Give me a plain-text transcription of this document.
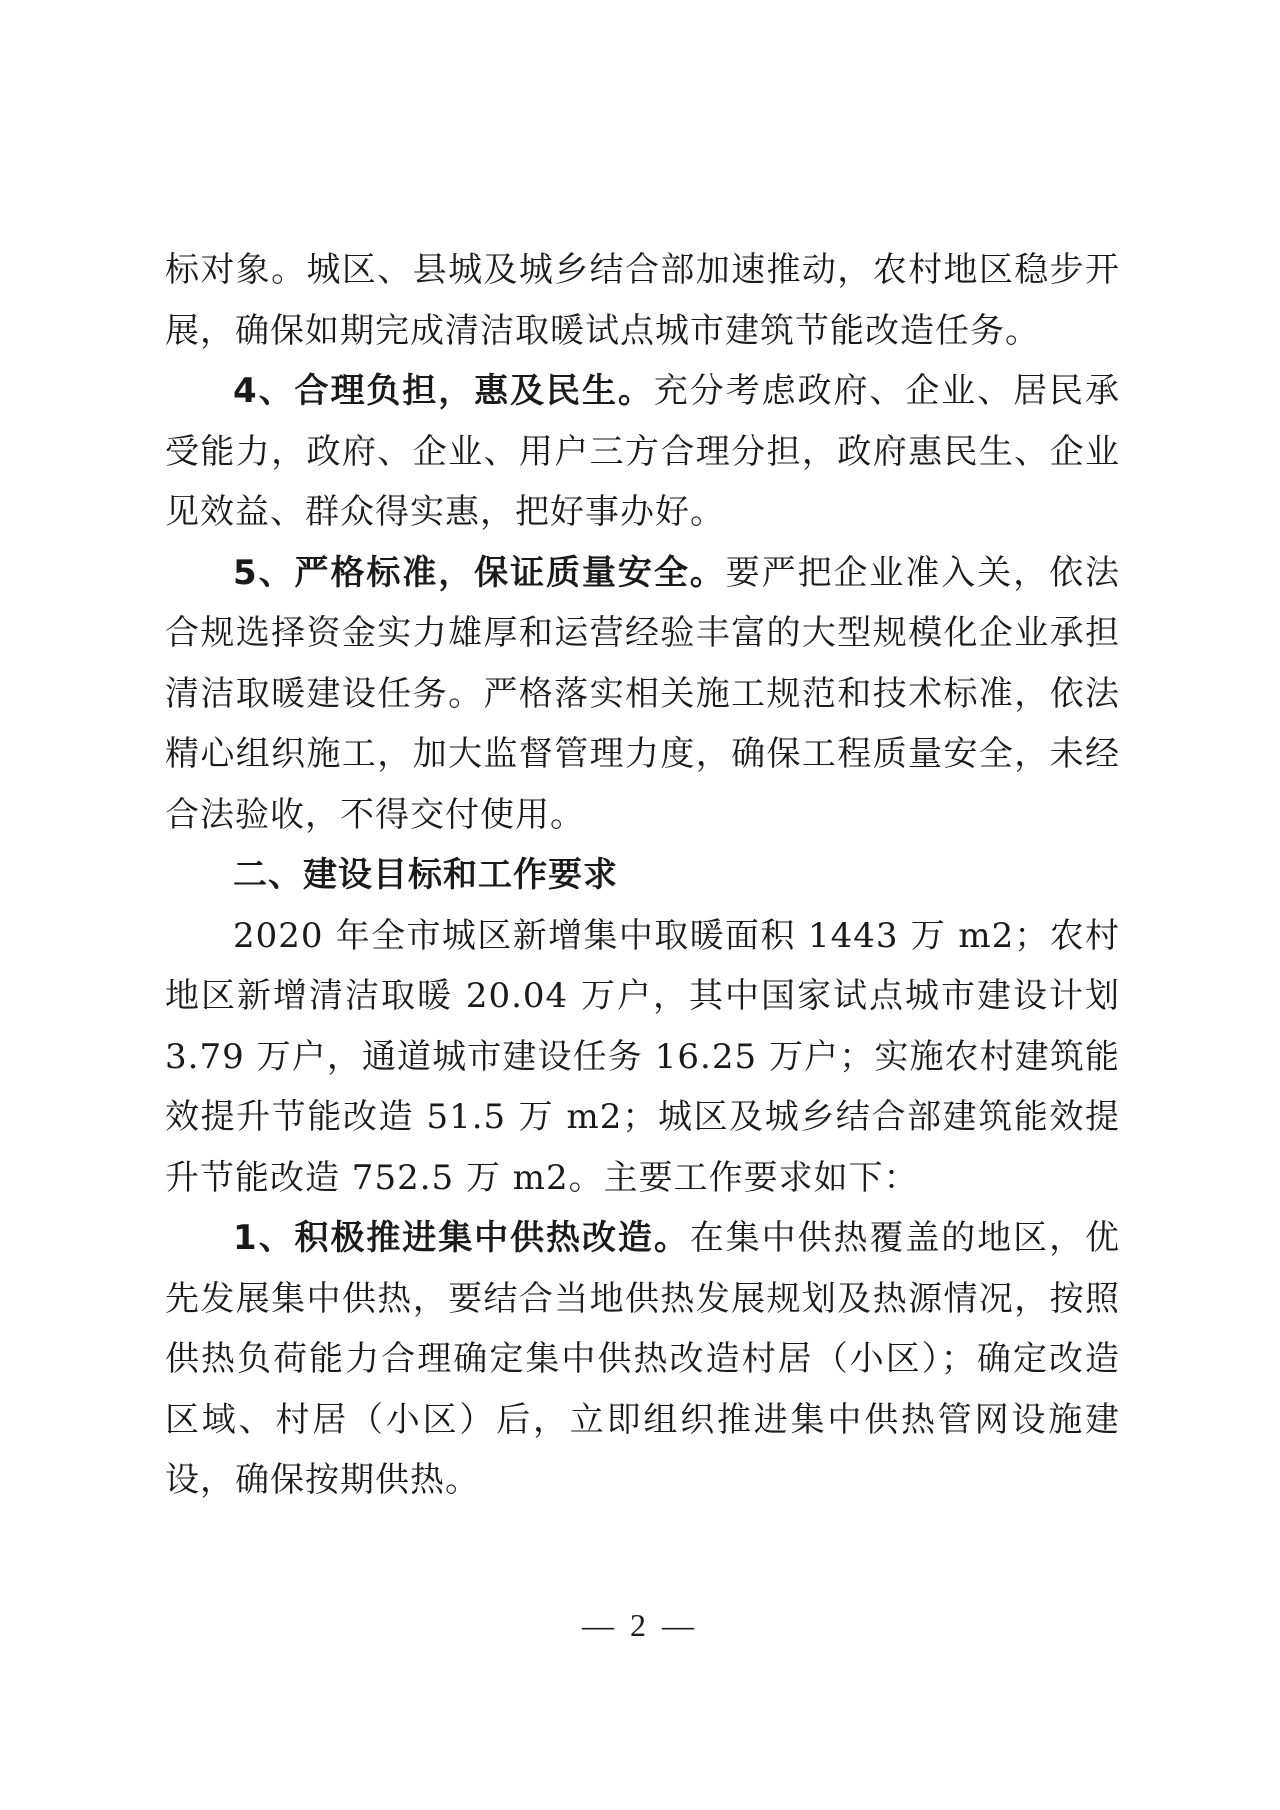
标对象。城区、县城及城乡结合部加速推动，农村地区稳步开展，确保如期完成清洁取暖试点城市建筑节能改造任务。

4、合理负担，惠及民生。充分考虑政府、企业、居民承受能力，政府、企业、用户三方合理分担，政府惠民生、企业见效益、群众得实惠，把好事办好。

5、严格标准，保证质量安全。要严把企业准入关，依法合规选择资金实力雄厚和运营经验丰富的大型规模化企业承担清洁取暖建设任务。严格落实相关施工规范和技术标准，依法精心组织施工，加大监督管理力度，确保工程质量安全，未经合法验收，不得交付使用。

二、建设目标和工作要求

2020 年全市城区新增集中取暖面积 1443 万 m2；农村地区新增清洁取暖 20.04 万户，其中国家试点城市建设计划 3.79 万户，通道城市建设任务 16.25 万户；实施农村建筑能效提升节能改造 51.5 万 m2；城区及城乡结合部建筑能效提升节能改造 752.5 万 m2。主要工作要求如下：

1、积极推进集中供热改造。在集中供热覆盖的地区，优先发展集中供热，要结合当地供热发展规划及热源情况，按照供热负荷能力合理确定集中供热改造村居（小区）；确定改造区域、村居（小区）后，立即组织推进集中供热管网设施建设，确保按期供热。

— 2 —
